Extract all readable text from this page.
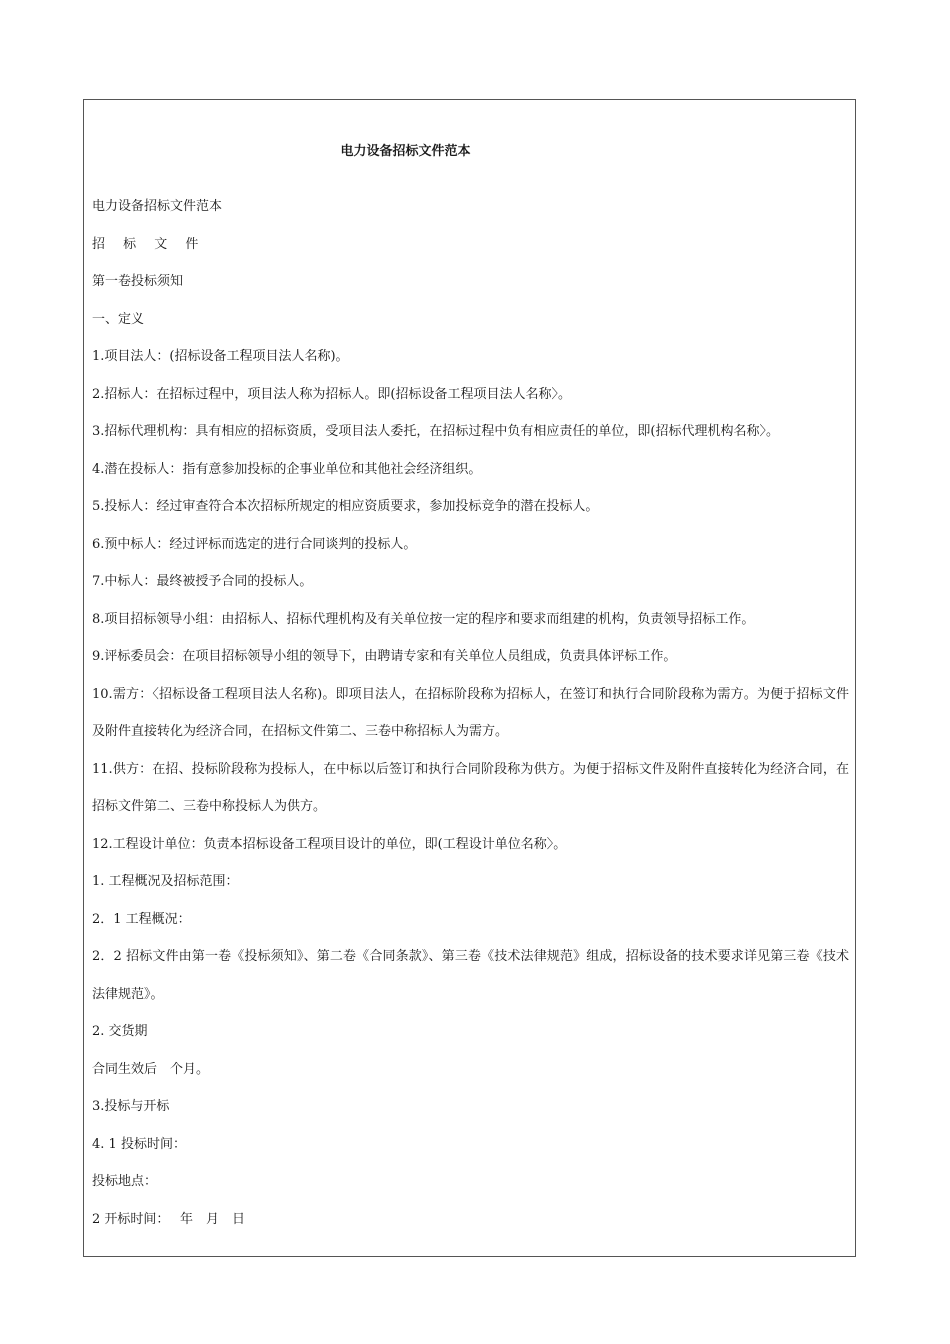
电力设备招标文件范本

电力设备招标文件范本

招 标 文 件

第一卷投标须知

一、定义

1.项目法人：(招标设备工程项目法人名称)。

2.招标人：在招标过程中，项目法人称为招标人。即(招标设备工程项目法人名称〉。

3.招标代理机构：具有相应的招标资质，受项目法人委托，在招标过程中负有相应责任的单位，即(招标代理机构名称〉。

4.潜在投标人：指有意参加投标的企事业单位和其他社会经济组织。

5.投标人：经过审查符合本次招标所规定的相应资质要求，参加投标竞争的潜在投标人。

6.预中标人：经过评标而选定的进行合同谈判的投标人。

7.中标人：最终被授予合同的投标人。

8.项目招标领导小组：由招标人、招标代理机构及有关单位按一定的程序和要求而组建的机构，负责领导招标工作。

9.评标委员会：在项目招标领导小组的领导下，由聘请专家和有关单位人员组成，负责具体评标工作。

10.需方：〈招标设备工程项目法人名称)。即项目法人，在招标阶段称为招标人，在签订和执行合同阶段称为需方。为便于招标文件及附件直接转化为经济合同，在招标文件第二、三卷中称招标人为需方。

11.供方：在招、投标阶段称为投标人，在中标以后签订和执行合同阶段称为供方。为便于招标文件及附件直接转化为经济合同，在招标文件第二、三卷中称投标人为供方。

12.工程设计单位：负责本招标设备工程项目设计的单位，即(工程设计单位名称〉。

1. 工程概况及招标范围：

2．1 工程概况：

2．2 招标文件由第一卷《投标须知》、第二卷《合同条款》、第三卷《技术法律规范》组成，招标设备的技术要求详见第三卷《技术法律规范》。

2. 交货期

合同生效后　个月。

3.投标与开标

4. 1 投标时间：

投标地点：

2 开标时间：　 年　月　日
